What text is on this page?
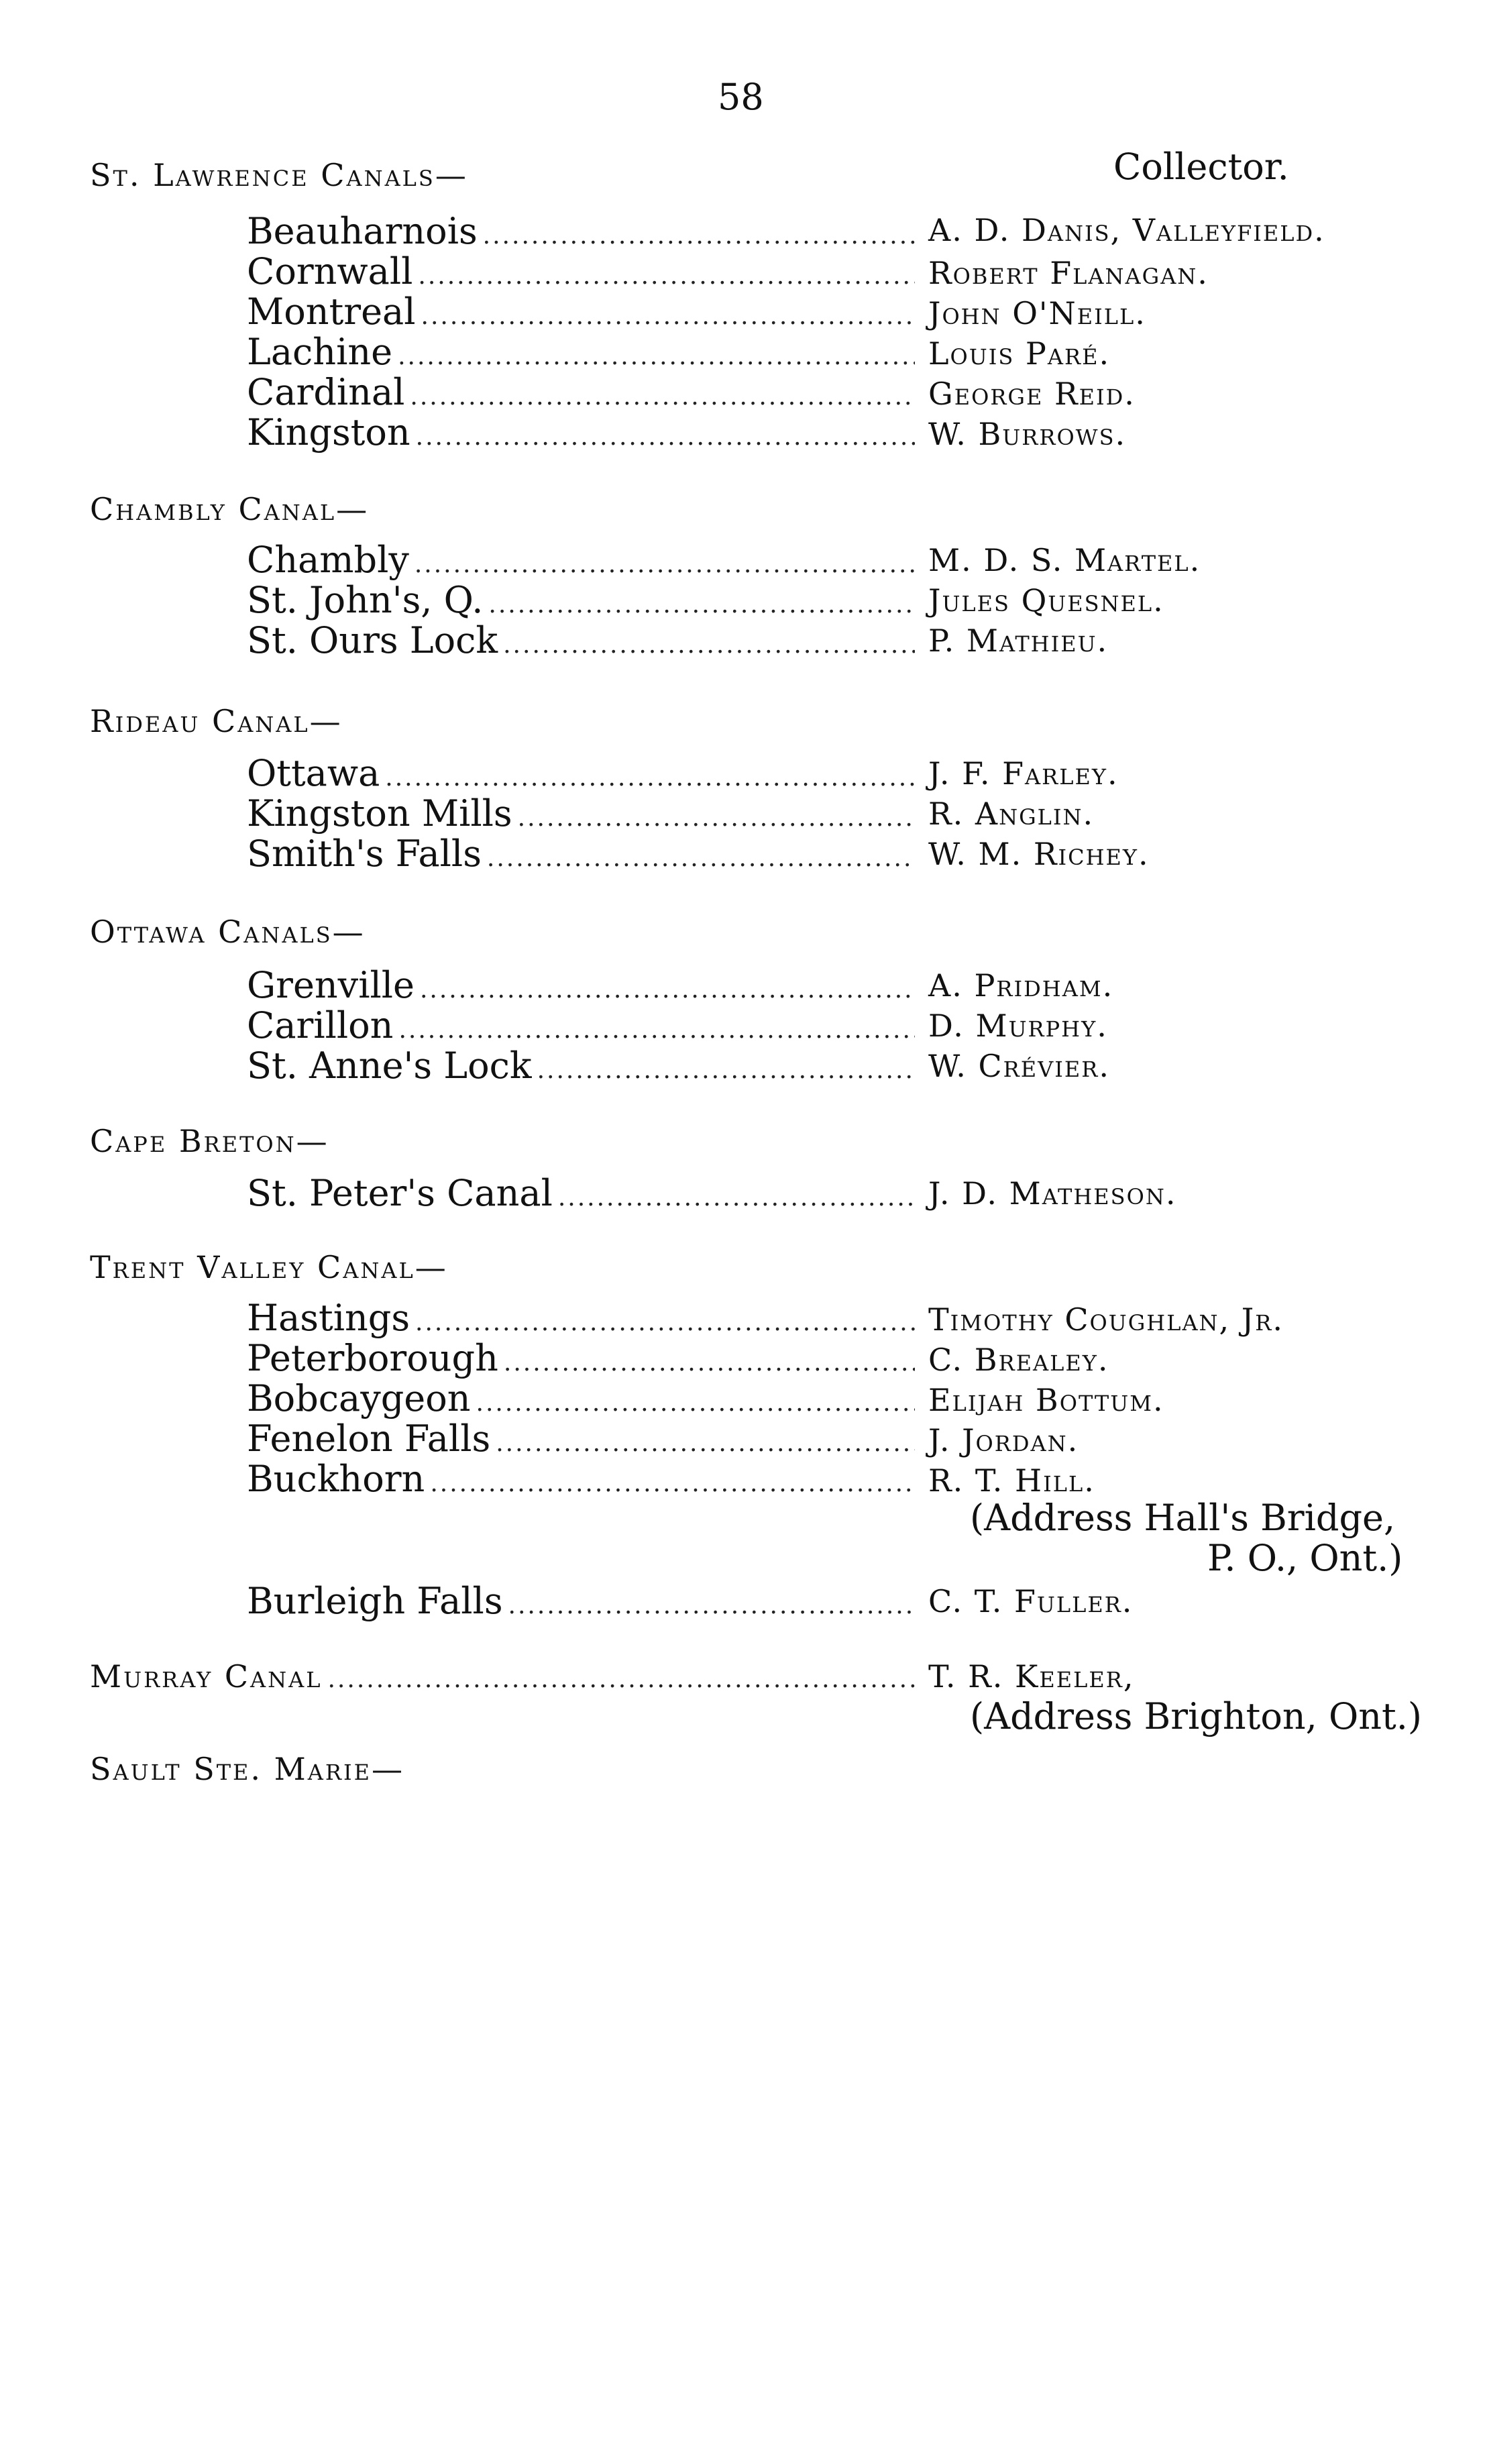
58
Collector.
St. Lawrence Canals—
Beauharnois .....	A. D. Danis, Valleyfield.
Cornwall .....	Robert Flanagan.
Montreal .....	John O'Neill.
Lachine .....	Louis Paré.
Cardinal .....	George Reid.
Kingston .....	W. Burrows.
Chambly Canal—
Chambly .....	M. D. S. Martel.
St. John's, Q. .....	Jules Quesnel.
St. Ours Lock .....	P. Mathieu.
Rideau Canal—
Ottawa .....	J. F. Farley.
Kingston Mills .....	R. Anglin.
Smith's Falls .....	W. M. Richey.
Ottawa Canals—
Grenville .....	A. Pridham.
Carillon .....	D. Murphy.
St. Anne's Lock .....	W. Crévier.
Cape Breton—
St. Peter's Canal .....	J. D. Matheson.
Trent Valley Canal—
Hastings .....	Timothy Coughlan, Jr.
Peterborough .....	C. Brealey.
Bobcaygeon .....	Elijah Bottum.
Fenelon Falls .....	J. Jordan.
Buckhorn .....	R. T. Hill.
(Address Hall's Bridge,
P. O., Ont.)
Burleigh Falls .....	C. T. Fuller.
Murray Canal .....	T. R. Keeler,
(Address Brighton, Ont.)
Sault Ste. Marie—
